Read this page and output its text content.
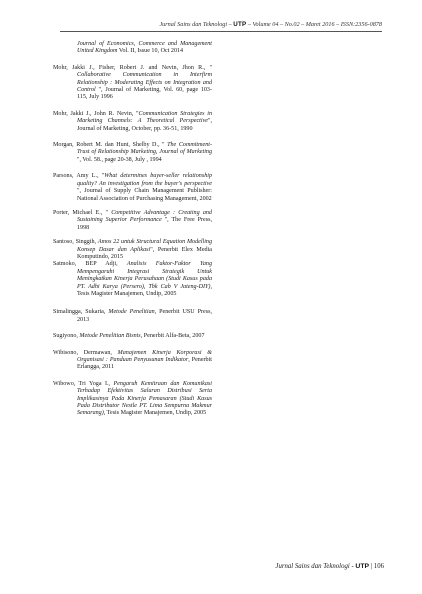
Jurnal Sains dan Teknologi – UTP – Volume 04 – No.02 – Maret 2016 – ISSN:2356-0878

Journal of Economics, Commerce and Management United Kingdom Vol. II, Issue 10, Oct 2014

Mohr, Jakki J., Fisher, Robert J. and Nevin, Jhon R., " Collaborative Communication in Interfirm Relationship : Moderating Effects on Integration and Control ", Journal of Marketing, Vol. 60, page 103-115, July 1996

Mohr, Jakki J., John R. Nevin, "Communication Strategies in Marketing Channels: A Theoretical Perspective", Journal of Marketing, October, pp. 36-51, 1990

Morgan, Robert M. dan Hunt, Shelby D., " The Commitment-Trust of Relationship Marketing, Journal of Marketing ", Vol. 58., page 20-38, July , 1994

Parsons, Amy L., "What determines buyer-seller relationship quality? An investigation from the buyer's perspective ", Journal of Supply Chain Management Publisher: National Association of Purchasing Management, 2002

Porter, Michael E., " Competitive Advantage : Creating and Sustaining Superior Performance ", The Free Press, 1998

Santoso, Singgih, Amos 22 untuk Structural Equation Modelling Konsep Dasar dan Aplikasi", Penerbit Elex Media Komputindo, 2015

Satmoko, BEP Adji, Analisis Faktor-Faktor Yang Mempengaruhi Integrasi Strategik Untuk Meningkatkan Kinerja Perusahaan (Studi Kasus pada PT. Adhi Karya (Persero), Tbk Cab V Jateng-DIY), Tesis Magister Manajemen, Undip, 2005

Simalingga, Sukaria, Metode Penelitian, Penerbit USU Press, 2013

Sugiyono, Metode Penelitian Bisnis, Penerbit Alfa-Beta, 2007

Wibisono, Dermawan, Manajemen Kinerja Korporasi & Organisasi : Panduan Penyusunan Indikator, Penerbit Erlangga, 2011

Wibowo, Tri Yoga I., Pengaruh Kemitraan dan Komunikasi Terhadap Efektivitas Saluran Distribusi Serta Implikasinya Pada Kinerja Pemasaran (Studi Kasus Pada Distributor Nestle PT. Lima Sempurna Makmur Semarang), Tesis Magister Manajemen, Undip, 2005

Jurnal Sains dan Teknologi - UTP | 106
